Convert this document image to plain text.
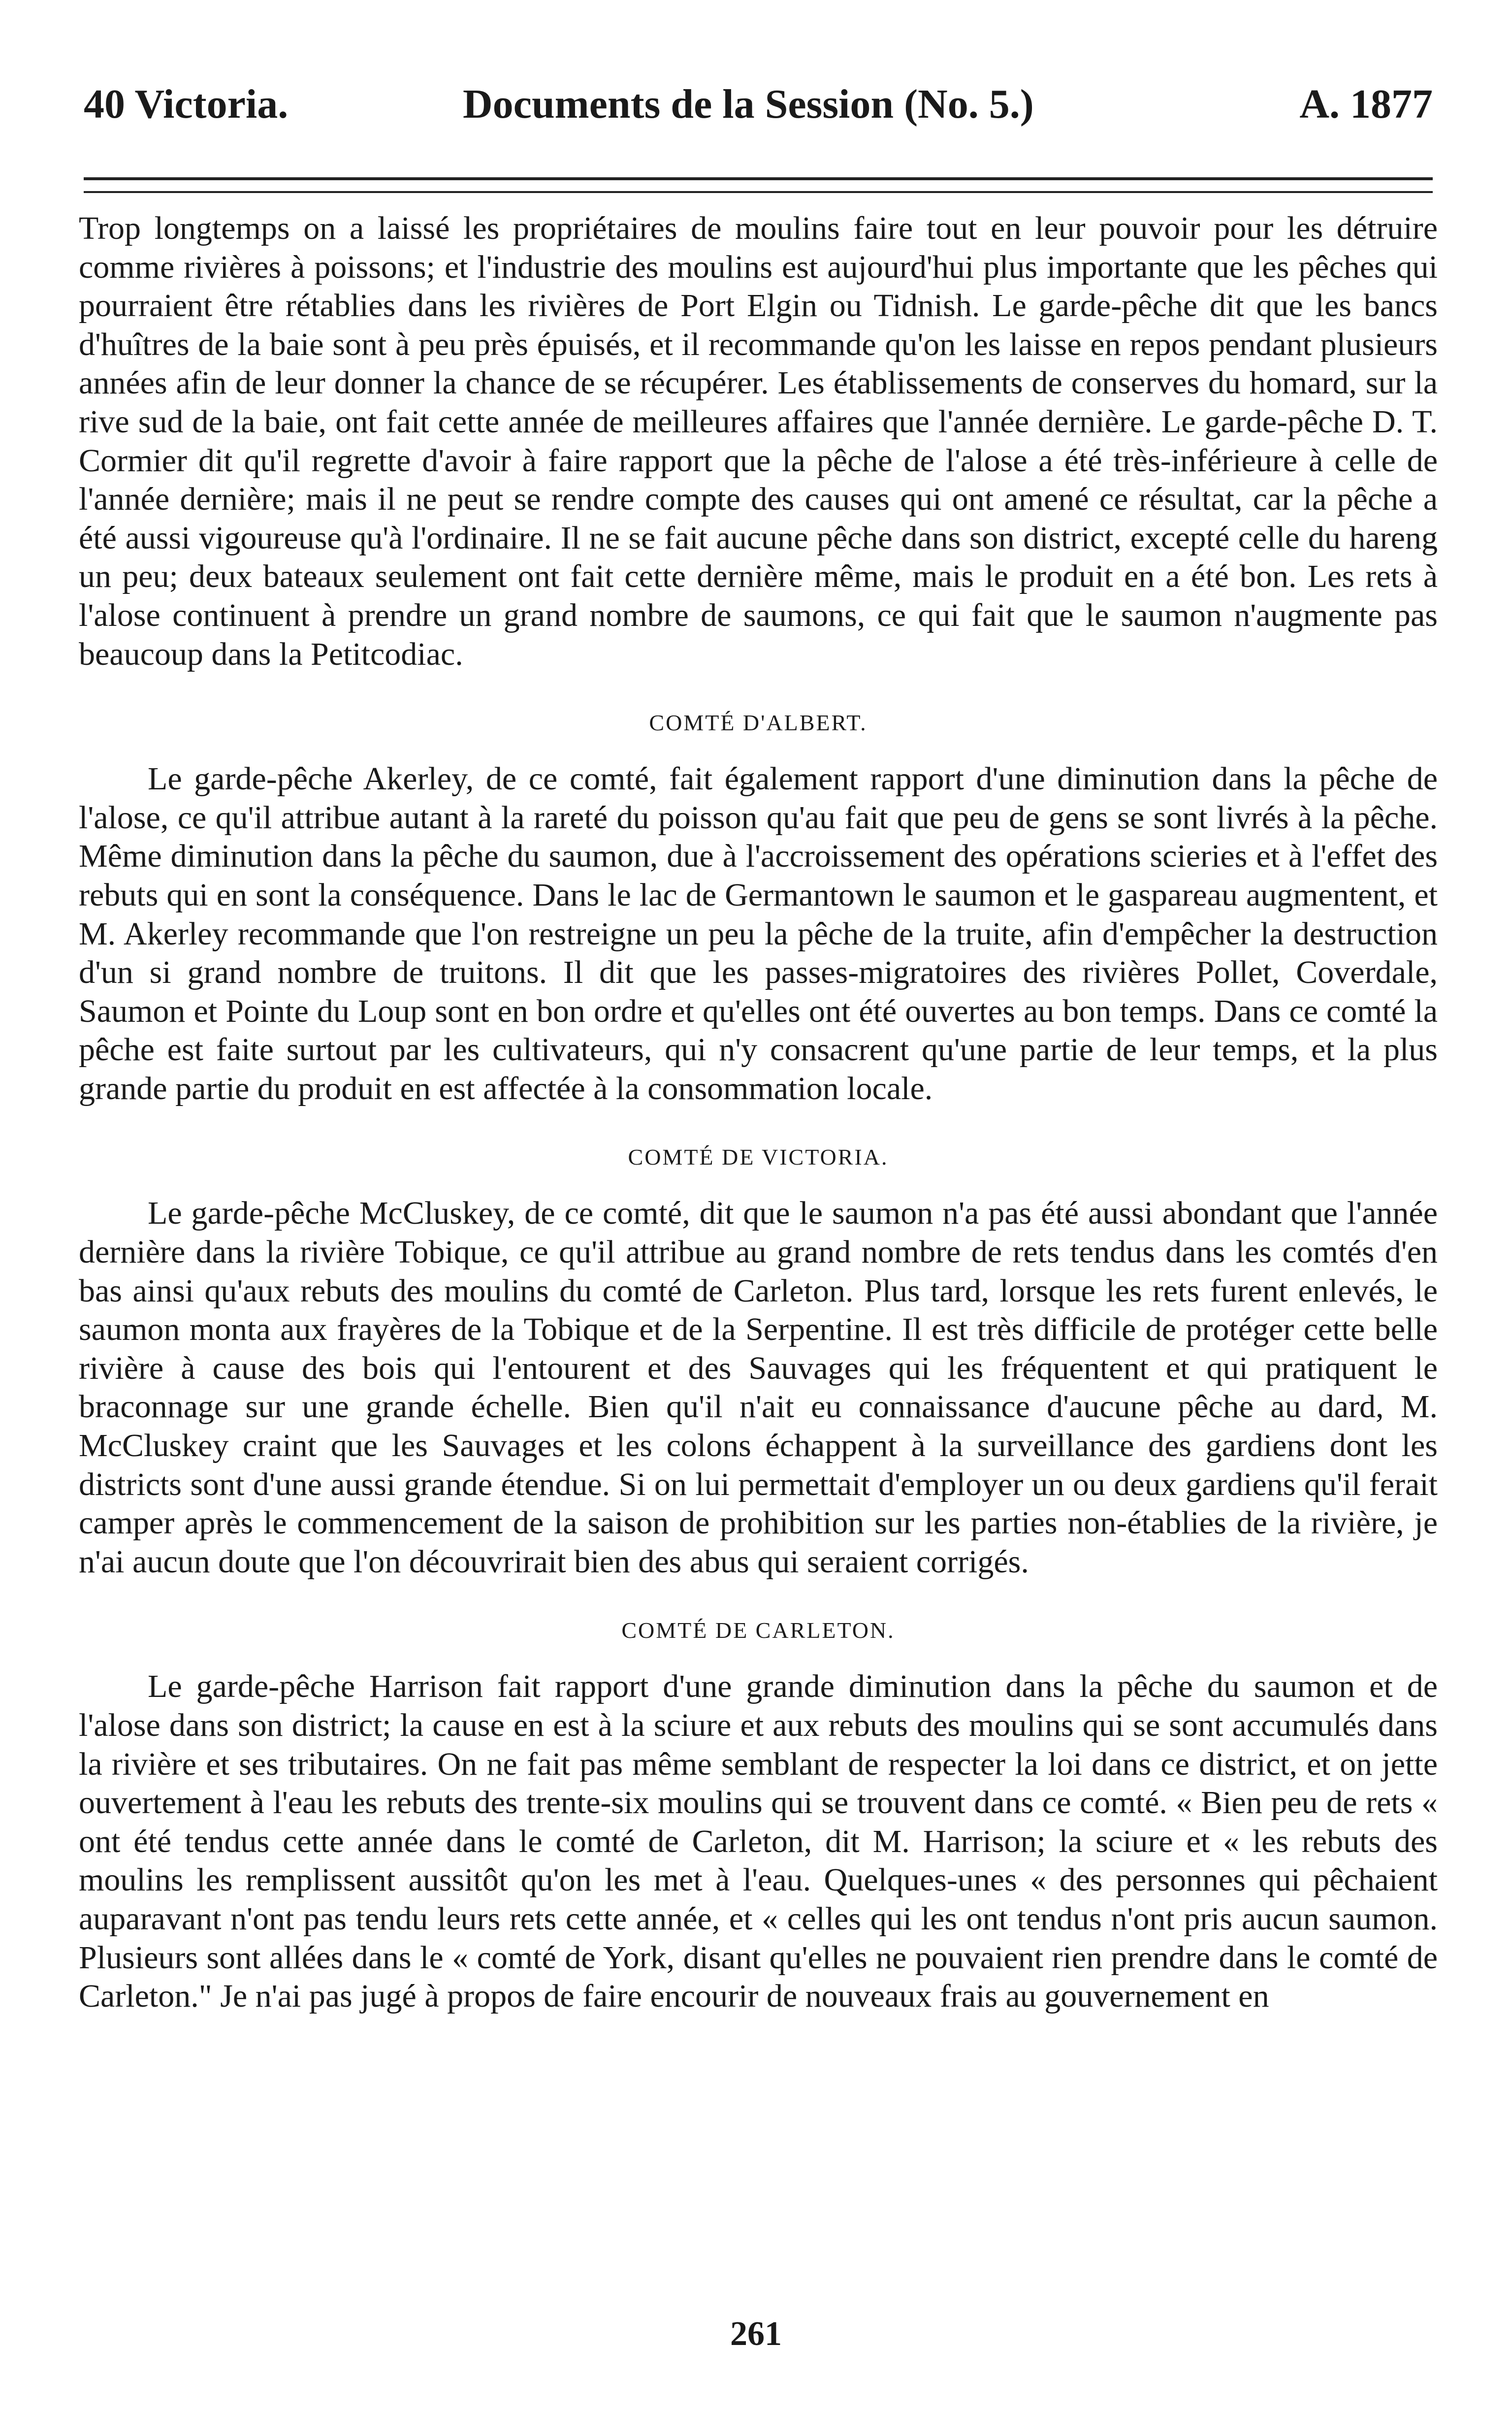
40 Victoria.	Documents de la Session (No. 5.)	A. 1877

Trop longtemps on a laissé les propriétaires de moulins faire tout en leur pouvoir pour les détruire comme rivières à poissons; et l'industrie des moulins est aujourd'hui plus importante que les pêches qui pourraient être rétablies dans les rivières de Port Elgin ou Tidnish. Le garde-pêche dit que les bancs d'huîtres de la baie sont à peu près épuisés, et il recommande qu'on les laisse en repos pendant plusieurs années afin de leur donner la chance de se récupérer. Les établissements de conserves du homard, sur la rive sud de la baie, ont fait cette année de meilleures affaires que l'année dernière. Le garde-pêche D. T. Cormier dit qu'il regrette d'avoir à faire rapport que la pêche de l'alose a été très-inférieure à celle de l'année dernière; mais il ne peut se rendre compte des causes qui ont amené ce résultat, car la pêche a été aussi vigoureuse qu'à l'ordinaire. Il ne se fait aucune pêche dans son district, excepté celle du hareng un peu; deux bateaux seulement ont fait cette dernière même, mais le produit en a été bon. Les rets à l'alose continuent à prendre un grand nombre de saumons, ce qui fait que le saumon n'augmente pas beaucoup dans la Petitcodiac.

COMTÉ D'ALBERT.

Le garde-pêche Akerley, de ce comté, fait également rapport d'une diminution dans la pêche de l'alose, ce qu'il attribue autant à la rareté du poisson qu'au fait que peu de gens se sont livrés à la pêche. Même diminution dans la pêche du saumon, due à l'accroissement des opérations scieries et à l'effet des rebuts qui en sont la conséquence. Dans le lac de Germantown le saumon et le gaspareau augmentent, et M. Akerley recommande que l'on restreigne un peu la pêche de la truite, afin d'empêcher la destruction d'un si grand nombre de truitons. Il dit que les passes-migratoires des rivières Pollet, Coverdale, Saumon et Pointe du Loup sont en bon ordre et qu'elles ont été ouvertes au bon temps. Dans ce comté la pêche est faite surtout par les cultivateurs, qui n'y consacrent qu'une partie de leur temps, et la plus grande partie du produit en est affectée à la consommation locale.

COMTÉ DE VICTORIA.

Le garde-pêche McCluskey, de ce comté, dit que le saumon n'a pas été aussi abondant que l'année dernière dans la rivière Tobique, ce qu'il attribue au grand nombre de rets tendus dans les comtés d'en bas ainsi qu'aux rebuts des moulins du comté de Carleton. Plus tard, lorsque les rets furent enlevés, le saumon monta aux frayères de la Tobique et de la Serpentine. Il est très difficile de protéger cette belle rivière à cause des bois qui l'entourent et des Sauvages qui les fréquentent et qui pratiquent le braconnage sur une grande échelle. Bien qu'il n'ait eu connaissance d'aucune pêche au dard, M. McCluskey craint que les Sauvages et les colons échappent à la surveillance des gardiens dont les districts sont d'une aussi grande étendue. Si on lui permettait d'employer un ou deux gardiens qu'il ferait camper après le commencement de la saison de prohibition sur les parties non-établies de la rivière, je n'ai aucun doute que l'on découvrirait bien des abus qui seraient corrigés.

COMTÉ DE CARLETON.

Le garde-pêche Harrison fait rapport d'une grande diminution dans la pêche du saumon et de l'alose dans son district; la cause en est à la sciure et aux rebuts des moulins qui se sont accumulés dans la rivière et ses tributaires. On ne fait pas même semblant de respecter la loi dans ce district, et on jette ouvertement à l'eau les rebuts des trente-six moulins qui se trouvent dans ce comté. « Bien peu de rets « ont été tendus cette année dans le comté de Carleton, dit M. Harrison; la sciure et « les rebuts des moulins les remplissent aussitôt qu'on les met à l'eau. Quelques-unes « des personnes qui pêchaient auparavant n'ont pas tendu leurs rets cette année, et « celles qui les ont tendus n'ont pris aucun saumon. Plusieurs sont allées dans le « comté de York, disant qu'elles ne pouvaient rien prendre dans le comté de Carleton." Je n'ai pas jugé à propos de faire encourir de nouveaux frais au gouvernement en

261
